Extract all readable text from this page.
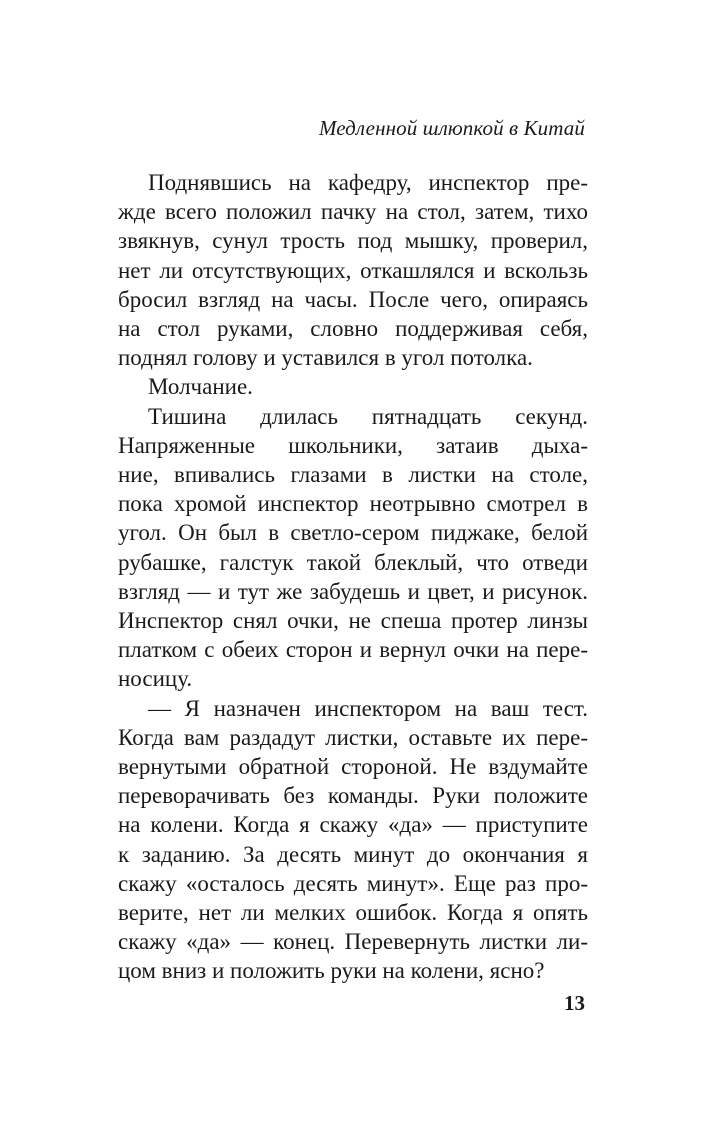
Медленной шлюпкой в Китай
Поднявшись на кафедру, инспектор пре-
жде всего положил пачку на стол, затем, тихо
звякнув, сунул трость под мышку, проверил,
нет ли отсутствующих, откашлялся и вскользь
бросил взгляд на часы. После чего, опираясь
на стол руками, словно поддерживая себя,
поднял голову и уставился в угол потолка.
Молчание.
Тишина длилась пятнадцать секунд.
Напряженные школьники, затаив дыха-
ние, впивались глазами в листки на столе,
пока хромой инспектор неотрывно смотрел в
угол. Он был в светло-сером пиджаке, белой
рубашке, галстук такой блеклый, что отведи
взгляд — и тут же забудешь и цвет, и рисунок.
Инспектор снял очки, не спеша протер линзы
платком с обеих сторон и вернул очки на пере-
носицу.
— Я назначен инспектором на ваш тест.
Когда вам раздадут листки, оставьте их пере-
вернутыми обратной стороной. Не вздумайте
переворачивать без команды. Руки положите
на колени. Когда я скажу «да» — приступите
к заданию. За десять минут до окончания я
скажу «осталось десять минут». Еще раз про-
верите, нет ли мелких ошибок. Когда я опять
скажу «да» — конец. Перевернуть листки ли-
цом вниз и положить руки на колени, ясно?
13
